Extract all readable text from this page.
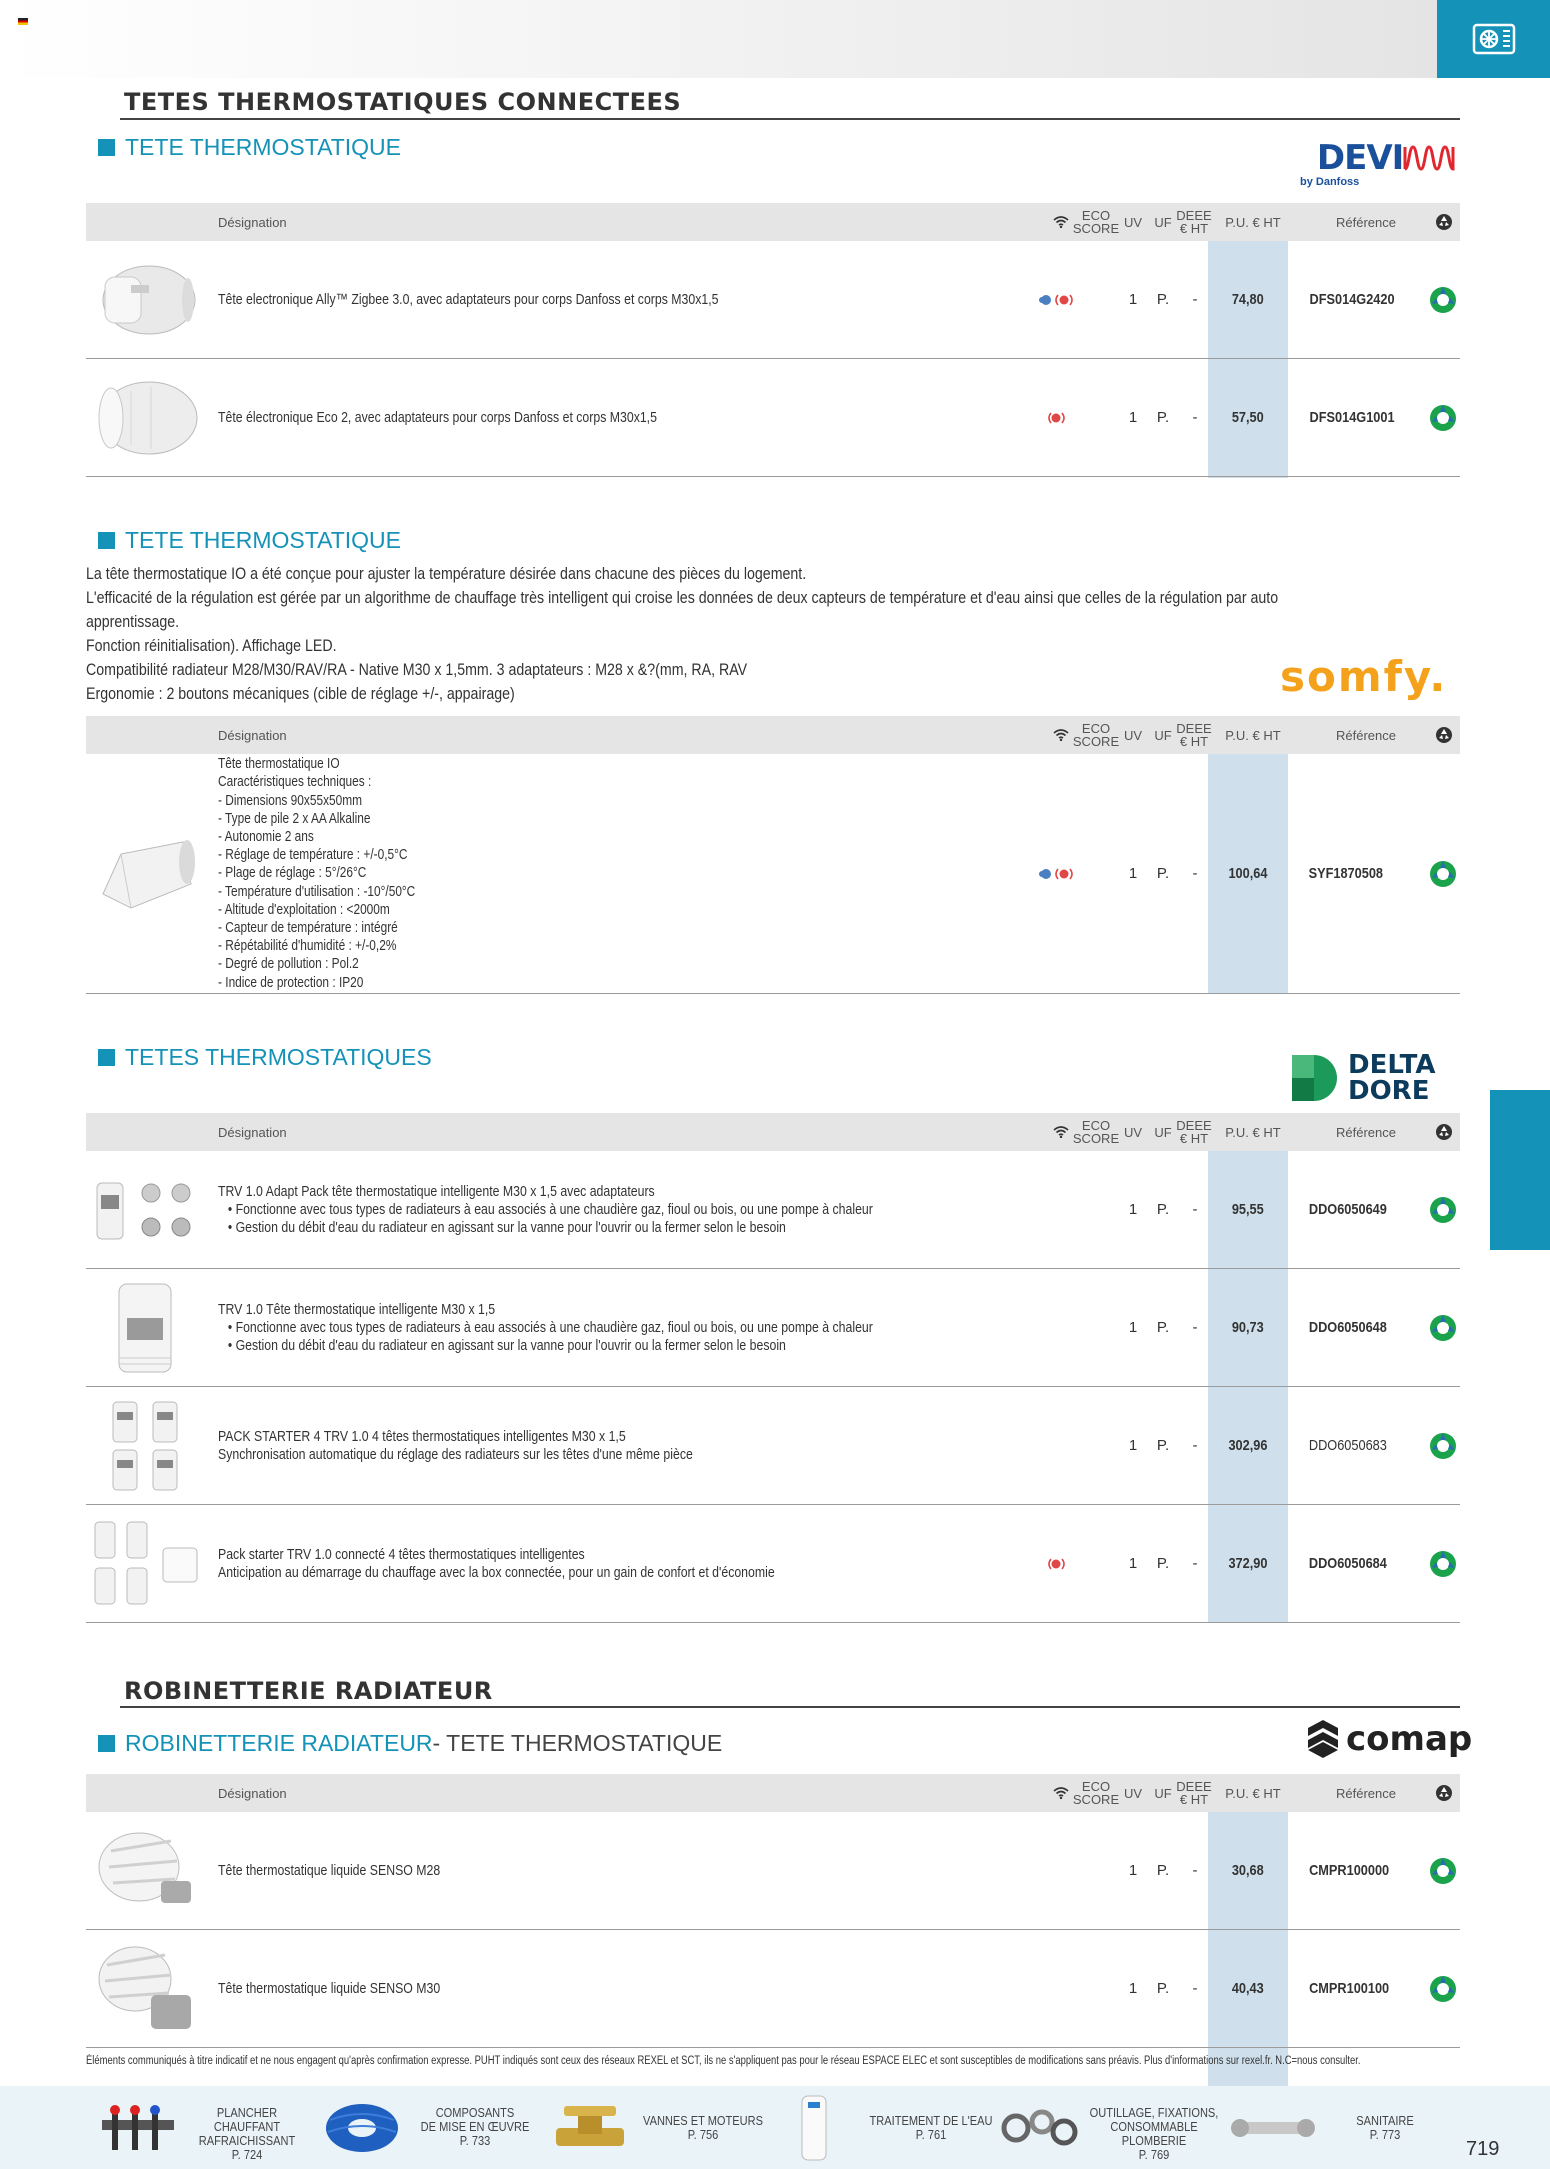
TETES THERMOSTATIQUES CONNECTEES
TETE THERMOSTATIQUE	DEVI
by Danfoss
Désignation	ECO
SCORE UV UF DEEE
€ HT	P.U. € HT	Référence
Tête electronique Ally™ Zigbee 3.0, avec adaptateurs pour corps Danfoss et corps M30x1,5	1	P.	-	74,80	DFS014G2420
Tête électronique Eco 2, avec adaptateurs pour corps Danfoss et corps M30x1,5	1	P.	-	57,50	DFS014G1001
TETE THERMOSTATIQUE

La tête thermostatique IO a été conçue pour ajuster la température désirée dans chacune des pièces du logement.

L'efficacité de la régulation est gérée par un algorithme de chauffage très intelligent qui croise les données de deux capteurs de température et d'eau ainsi que celles de la régulation par auto

apprentissage.

Fonction réinitialisation). Affichage LED.

Compatibilité radiateur M28/M30/RAV/RA - Native M30 x 1,5mm. 3 adaptateurs : M28 x &?(mm, RA, RAV

Ergonomie : 2 boutons mécaniques (cible de réglage +/-, appairage)	somfy.
Désignation	ECO
SCORE UV UF DEEE
€ HT	P.U. € HT	Référence
Tête thermostatique IO
Caractéristiques techniques :
- Dimensions 90x55x50mm
- Type de pile 2 x AA Alkaline
- Autonomie 2 ans
- Réglage de température : +/-0,5°C
- Plage de réglage : 5°/26°C
- Température d'utilisation : -10°/50°C
- Altitude d'exploitation : <2000m
- Capteur de température : intégré
- Répétabilité d'humidité : +/-0,2%
- Degré de pollution : Pol.2
- Indice de protection : IP20
1	P.	-	100,64	SYF1870508
TETES THERMOSTATIQUES	DELTA
DORE
Désignation	ECO
SCORE UV UF DEEE
€ HT	P.U. € HT	Référence
TRV 1.0 Adapt Pack tête thermostatique intelligente M30 x 1,5 avec adaptateurs
• Fonctionne avec tous types de radiateurs à eau associés à une chaudière gaz, fioul ou bois, ou une pompe à chaleur
• Gestion du débit d'eau du radiateur en agissant sur la vanne pour l'ouvrir ou la fermer selon le besoin
1	P.	-	95,55	DDO6050649
TRV 1.0 Tête thermostatique intelligente M30 x 1,5
• Fonctionne avec tous types de radiateurs à eau associés à une chaudière gaz, fioul ou bois, ou une pompe à chaleur
• Gestion du débit d'eau du radiateur en agissant sur la vanne pour l'ouvrir ou la fermer selon le besoin
1	P.	-	90,73	DDO6050648
PACK STARTER 4 TRV 1.0 4 têtes thermostatiques intelligentes M30 x 1,5
Synchronisation automatique du réglage des radiateurs sur les têtes d'une même pièce	1	P.	-	302,96	DDO6050683
Pack starter TRV 1.0 connecté 4 têtes thermostatiques intelligentes
Anticipation au démarrage du chauffage avec la box connectée, pour un gain de confort et d'économie	1	P.	-	372,90	DDO6050684
ROBINETTERIE RADIATEUR
ROBINETTERIE RADIATEUR - TETE THERMOSTATIQUE	comap
Désignation	ECO
SCORE UV UF DEEE
€ HT	P.U. € HT	Référence
Tête thermostatique liquide SENSO M28	1	P.	-	30,68	CMPR100000
Tête thermostatique liquide SENSO M30	1	P.	-	40,43	CMPR100100
Éléments communiqués à titre indicatif et ne nous engagent qu'après confirmation expresse. PUHT indiqués sont ceux des réseaux REXEL et SCT, ils ne s'appliquent pas pour le réseau ESPACE ELEC et sont susceptibles de modifications sans préavis. Plus d'informations sur rexel.fr. N.C=nous consulter.
PLANCHER CHAUFFANT
RAFRAICHISSANT
P. 724
COMPOSANTS
DE MISE EN ŒUVRE
P. 733
VANNES ET MOTEURS
P. 756
TRAITEMENT DE L'EAU
P. 761
OUTILLAGE, FIXATIONS,
CONSOMMABLE PLOMBERIE
P. 769
SANITAIRE
P. 773
719
